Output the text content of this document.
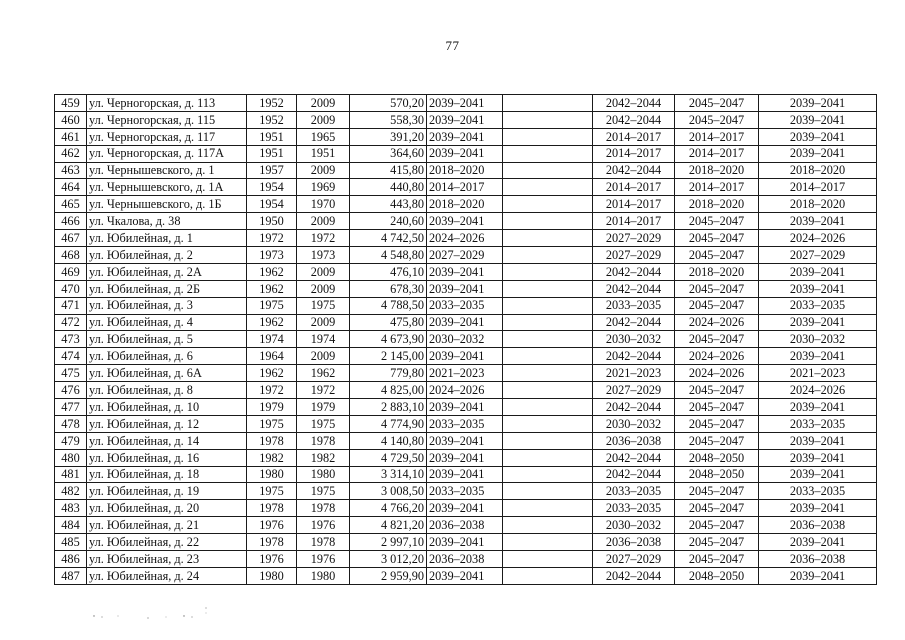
77
459	ул. Черногорская, д. 113	1952	2009	570,20	2039–2041		2042–2044	2045–2047	2039–2041
460	ул. Черногорская, д. 115	1952	2009	558,30	2039–2041		2042–2044	2045–2047	2039–2041
461	ул. Черногорская, д. 117	1951	1965	391,20	2039–2041		2014–2017	2014–2017	2039–2041
462	ул. Черногорская, д. 117А	1951	1951	364,60	2039–2041		2014–2017	2014–2017	2039–2041
463	ул. Чернышевского, д. 1	1957	2009	415,80	2018–2020		2042–2044	2018–2020	2018–2020
464	ул. Чернышевского, д. 1А	1954	1969	440,80	2014–2017		2014–2017	2014–2017	2014–2017
465	ул. Чернышевского, д. 1Б	1954	1970	443,80	2018–2020		2014–2017	2018–2020	2018–2020
466	ул. Чкалова, д. 38	1950	2009	240,60	2039–2041		2014–2017	2045–2047	2039–2041
467	ул. Юбилейная, д. 1	1972	1972	4 742,50	2024–2026		2027–2029	2045–2047	2024–2026
468	ул. Юбилейная, д. 2	1973	1973	4 548,80	2027–2029		2027–2029	2045–2047	2027–2029
469	ул. Юбилейная, д. 2А	1962	2009	476,10	2039–2041		2042–2044	2018–2020	2039–2041
470	ул. Юбилейная, д. 2Б	1962	2009	678,30	2039–2041		2042–2044	2045–2047	2039–2041
471	ул. Юбилейная, д. 3	1975	1975	4 788,50	2033–2035		2033–2035	2045–2047	2033–2035
472	ул. Юбилейная, д. 4	1962	2009	475,80	2039–2041		2042–2044	2024–2026	2039–2041
473	ул. Юбилейная, д. 5	1974	1974	4 673,90	2030–2032		2030–2032	2045–2047	2030–2032
474	ул. Юбилейная, д. 6	1964	2009	2 145,00	2039–2041		2042–2044	2024–2026	2039–2041
475	ул. Юбилейная, д. 6А	1962	1962	779,80	2021–2023		2021–2023	2024–2026	2021–2023
476	ул. Юбилейная, д. 8	1972	1972	4 825,00	2024–2026		2027–2029	2045–2047	2024–2026
477	ул. Юбилейная, д. 10	1979	1979	2 883,10	2039–2041		2042–2044	2045–2047	2039–2041
478	ул. Юбилейная, д. 12	1975	1975	4 774,90	2033–2035		2030–2032	2045–2047	2033–2035
479	ул. Юбилейная, д. 14	1978	1978	4 140,80	2039–2041		2036–2038	2045–2047	2039–2041
480	ул. Юбилейная, д. 16	1982	1982	4 729,50	2039–2041		2042–2044	2048–2050	2039–2041
481	ул. Юбилейная, д. 18	1980	1980	3 314,10	2039–2041		2042–2044	2048–2050	2039–2041
482	ул. Юбилейная, д. 19	1975	1975	3 008,50	2033–2035		2033–2035	2045–2047	2033–2035
483	ул. Юбилейная, д. 20	1978	1978	4 766,20	2039–2041		2033–2035	2045–2047	2039–2041
484	ул. Юбилейная, д. 21	1976	1976	4 821,20	2036–2038		2030–2032	2045–2047	2036–2038
485	ул. Юбилейная, д. 22	1978	1978	2 997,10	2039–2041		2036–2038	2045–2047	2039–2041
486	ул. Юбилейная, д. 23	1976	1976	3 012,20	2036–2038		2027–2029	2045–2047	2036–2038
487	ул. Юбилейная, д. 24	1980	1980	2 959,90	2039–2041		2042–2044	2048–2050	2039–2041
